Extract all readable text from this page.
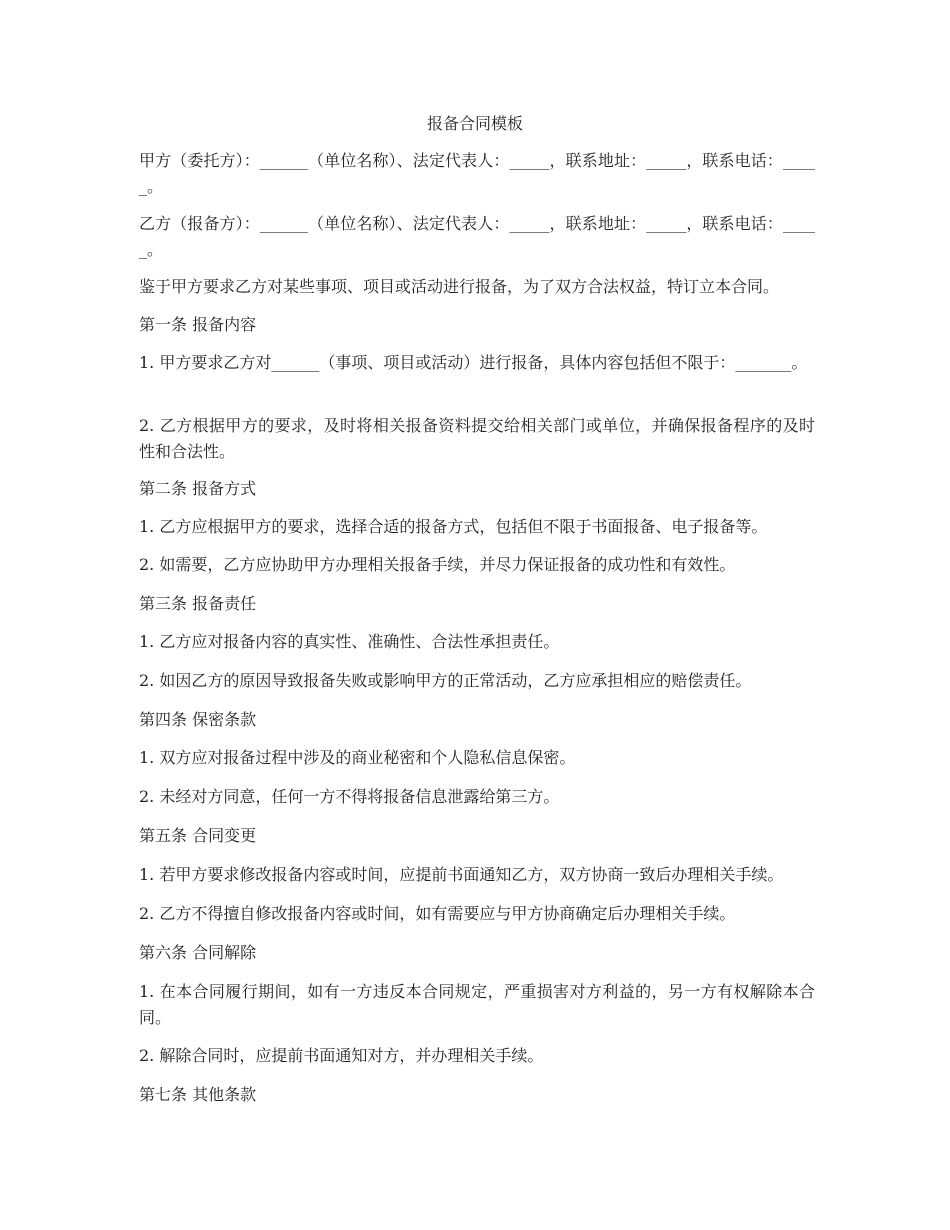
报备合同模板
甲方（委托方）：______（单位名称）、法定代表人：_____，联系地址：_____，联系电话：_____。
乙方（报备方）：______（单位名称）、法定代表人：_____，联系地址：_____，联系电话：_____。
鉴于甲方要求乙方对某些事项、项目或活动进行报备，为了双方合法权益，特订立本合同。
第一条 报备内容
1. 甲方要求乙方对______（事项、项目或活动）进行报备，具体内容包括但不限于：_______。
2. 乙方根据甲方的要求，及时将相关报备资料提交给相关部门或单位，并确保报备程序的及时性和合法性。
第二条 报备方式
1. 乙方应根据甲方的要求，选择合适的报备方式，包括但不限于书面报备、电子报备等。
2. 如需要，乙方应协助甲方办理相关报备手续，并尽力保证报备的成功性和有效性。
第三条 报备责任
1. 乙方应对报备内容的真实性、准确性、合法性承担责任。
2. 如因乙方的原因导致报备失败或影响甲方的正常活动，乙方应承担相应的赔偿责任。
第四条 保密条款
1. 双方应对报备过程中涉及的商业秘密和个人隐私信息保密。
2. 未经对方同意，任何一方不得将报备信息泄露给第三方。
第五条 合同变更
1. 若甲方要求修改报备内容或时间，应提前书面通知乙方，双方协商一致后办理相关手续。
2. 乙方不得擅自修改报备内容或时间，如有需要应与甲方协商确定后办理相关手续。
第六条 合同解除
1. 在本合同履行期间，如有一方违反本合同规定，严重损害对方利益的，另一方有权解除本合同。
2. 解除合同时，应提前书面通知对方，并办理相关手续。
第七条 其他条款
